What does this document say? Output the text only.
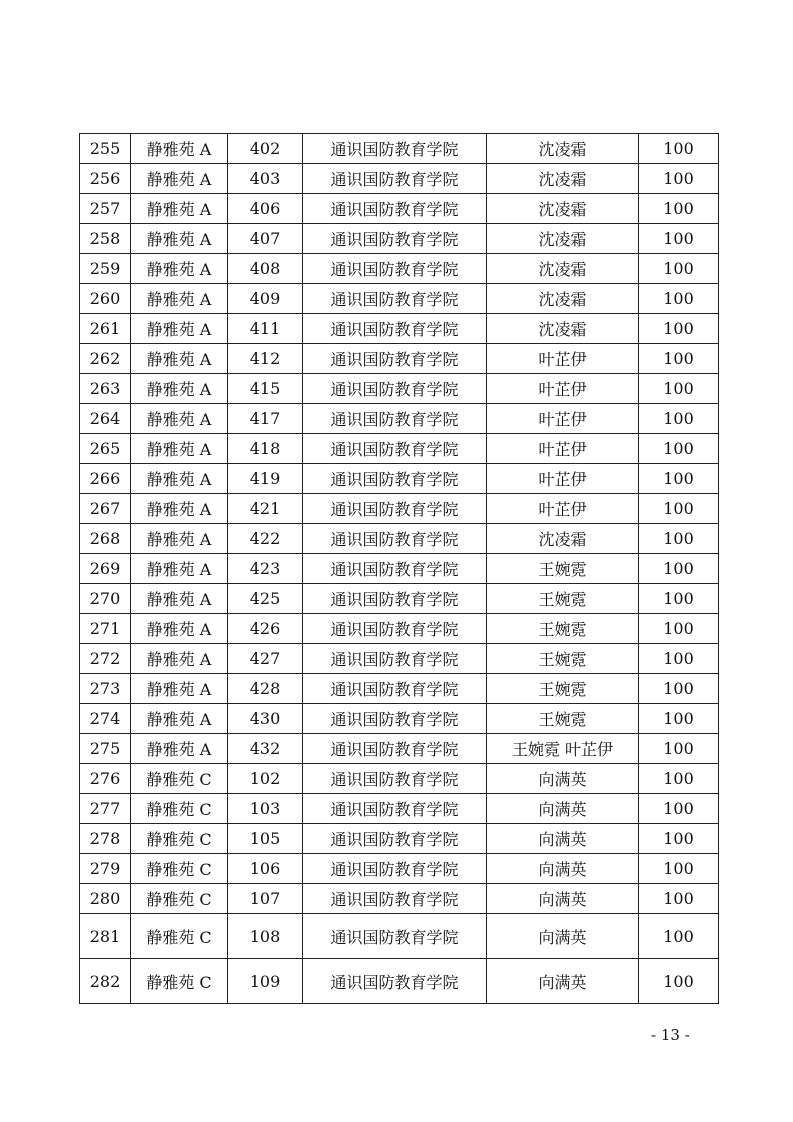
255	静雅苑 A	402	通识国防教育学院	沈凌霜	100
256	静雅苑 A	403	通识国防教育学院	沈凌霜	100
257	静雅苑 A	406	通识国防教育学院	沈凌霜	100
258	静雅苑 A	407	通识国防教育学院	沈凌霜	100
259	静雅苑 A	408	通识国防教育学院	沈凌霜	100
260	静雅苑 A	409	通识国防教育学院	沈凌霜	100
261	静雅苑 A	411	通识国防教育学院	沈凌霜	100
262	静雅苑 A	412	通识国防教育学院	叶芷伊	100
263	静雅苑 A	415	通识国防教育学院	叶芷伊	100
264	静雅苑 A	417	通识国防教育学院	叶芷伊	100
265	静雅苑 A	418	通识国防教育学院	叶芷伊	100
266	静雅苑 A	419	通识国防教育学院	叶芷伊	100
267	静雅苑 A	421	通识国防教育学院	叶芷伊	100
268	静雅苑 A	422	通识国防教育学院	沈凌霜	100
269	静雅苑 A	423	通识国防教育学院	王婉霓	100
270	静雅苑 A	425	通识国防教育学院	王婉霓	100
271	静雅苑 A	426	通识国防教育学院	王婉霓	100
272	静雅苑 A	427	通识国防教育学院	王婉霓	100
273	静雅苑 A	428	通识国防教育学院	王婉霓	100
274	静雅苑 A	430	通识国防教育学院	王婉霓	100
275	静雅苑 A	432	通识国防教育学院	王婉霓 叶芷伊	100
276	静雅苑 C	102	通识国防教育学院	向满英	100
277	静雅苑 C	103	通识国防教育学院	向满英	100
278	静雅苑 C	105	通识国防教育学院	向满英	100
279	静雅苑 C	106	通识国防教育学院	向满英	100
280	静雅苑 C	107	通识国防教育学院	向满英	100
281	静雅苑 C	108	通识国防教育学院	向满英	100
282	静雅苑 C	109	通识国防教育学院	向满英	100
- 13 -
